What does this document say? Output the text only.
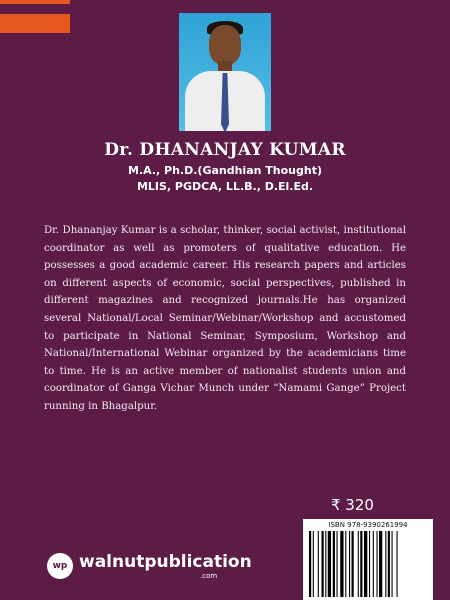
Dr. DHANANJAY KUMAR
M.A., Ph.D.(Gandhian Thought)
MLIS, PGDCA, LL.B., D.El.Ed.
Dr. Dhananjay Kumar is a scholar, thinker, social activist, institutional coordinator as well as promoters of qualitative education. He possesses a good academic career. His research papers and articles on different aspects of economic, social perspectives, published in different magazines and recognized journals.He has organized several National/Local Seminar/Webinar/Workshop and accustomed to participate in National Seminar, Symposium, Workshop and National/International Webinar organized by the academicians time to time. He is an active member of nationalist students union and coordinator of Ganga Vichar Munch under “Namami Gange” Project running in Bhagalpur.
₹ 320
ISBN 978-9390261994
wp walnutpublication
.com
